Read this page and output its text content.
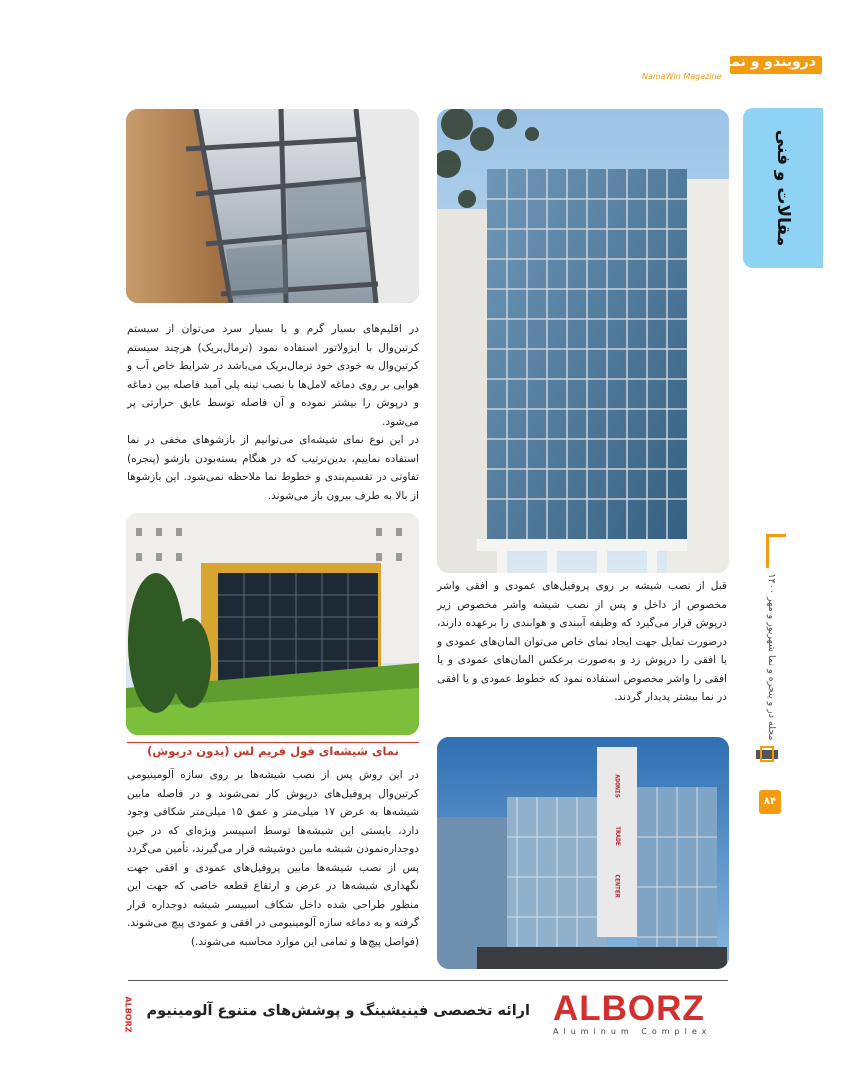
درویندو و نما
NamaWin Magazine
مقالات و فنی
مجله در و پنجره و نما شهریور و مهر ۱۴۰۰
۸۴
در اقلیم‌های بسیار گرم و یا بسیار سرد می‌توان از سیستم کرتین‌وال با ایزولاتور استفاده نمود (ترمال‌بریک) هرچند سیستم کرتین‌وال به خودی خود ترمال‌بریک می‌باشد در شرایط خاص آب و هوایی بر روی دماغه لامل‌ها با نصب تینه پلی آمید فاصله بین دماغه و درپوش را بیشتر نموده و آن فاصله توسط عایق حرارتی پر می‌شود.
در این نوع نمای شیشه‌ای می‌توانیم از بازشوهای مخفی در نما استفاده نماییم، بدین‌ترتیب که در هنگام بسته‌بودن بازشو (پنجره) تفاوتی در تقسیم‌بندی و خطوط نما ملاحظه نمی‌شود. این بازشوها از بالا به طرف بیرون باز می‌شوند.
قبل از نصب شیشه بر روی پروفیل‌های عمودی و افقی واشر مخصوص از داخل و پس از نصب شیشه واشر مخصوص زیر درپوش قرار می‌گیرد که وظیفه آببندی و هوابندی را برعهده دارند، درصورت تمایل جهت ایجاد نمای خاص می‌توان المان‌های عمودی و یا افقی را درپوش زد و به‌صورت برعکس المان‌های عمودی و یا افقی را واشر مخصوص استفاده نمود که خطوط عمودی و یا افقی در نما بیشتر پدیدار گردند.
نمای شیشه‌ای فول فریم لس (بدون درپوش)
در این روش پس از نصب شیشه‌ها بر روی سازه آلومینیومی کرتین‌وال پروفیل‌های درپوش کار نمی‌شوند و در فاصله مابین شیشه‌ها به عرض ۱۷ میلی‌متر و عمق ۱۵ میلی‌متر شکافی وجود دارد، بایستی این شیشه‌ها توسط اسپیسر ویژه‌ای که در حین دوجداره‌نمودن شیشه مابین دوشیشه قرار می‌گیرند، تأمین می‌گردد پس از نصب شیشه‌ها مابین پروفیل‌های عمودی و افقی جهت نگهداری شیشه‌ها در عرض و ارتفاع قطعه خاصی که جهت این منظور طراحی شده داخل شکاف اسپیسر شیشه دوجداره قرار گرفته و به دماغه سازه آلومینیومی در افقی و عمودی پیچ می‌شوند. (فواصل پیچ‌ها و تمامی این موارد محاسبه می‌شوند.)
ADONIS
TRADE
CENTER
ارائه تخصصی فینیشینگ و پوشش‌های متنوع آلومینیوم ALBORZ
Aluminum Complex
ALBORZ
